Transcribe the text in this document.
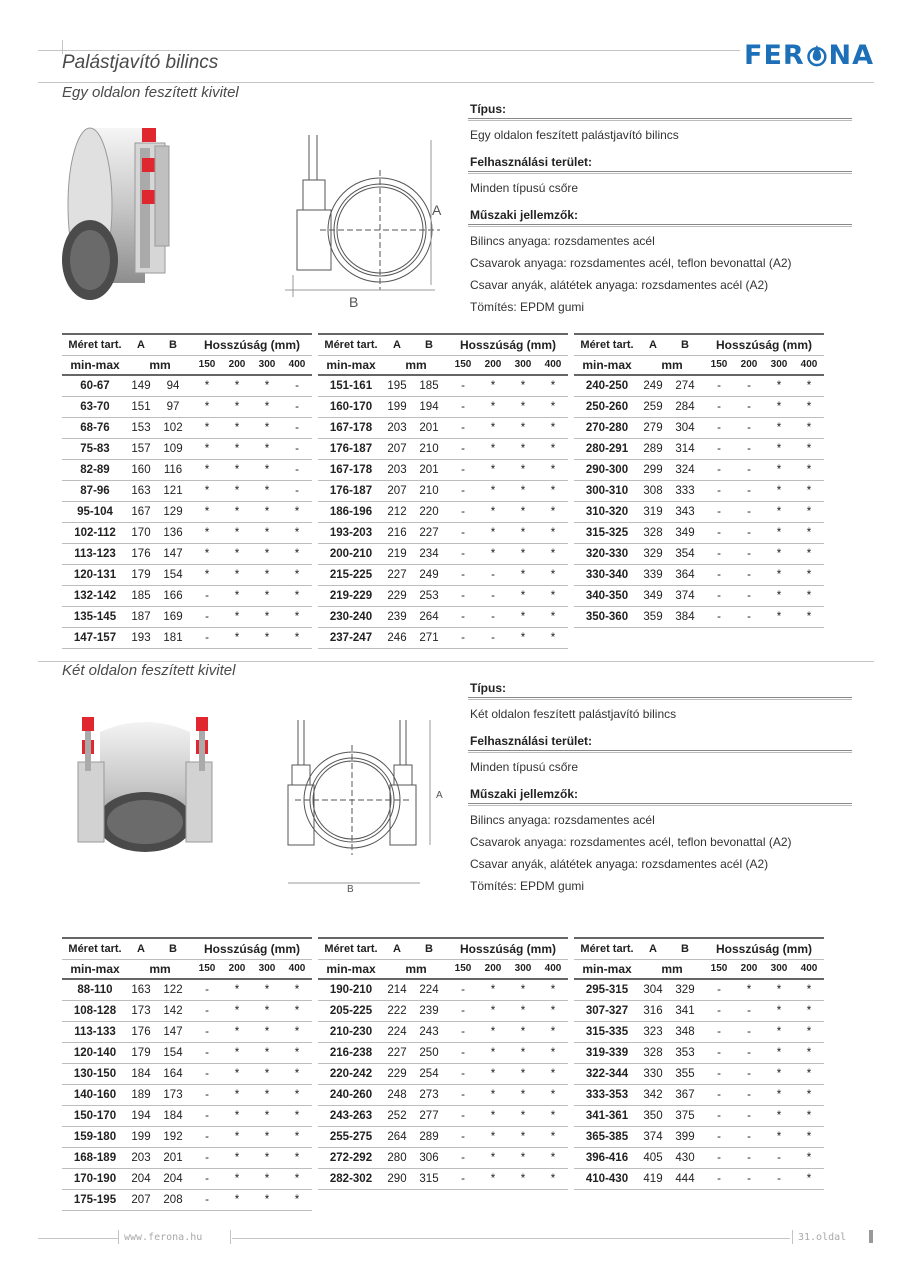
Palástjavító bilincs	FER NA
Egy oldalon feszített kivitel
A
B
Típus:
Egy oldalon feszített palástjavító bilincs
Felhasználási terület:
Minden típusú csőre
Műszaki jellemzők:
Bilincs anyaga: rozsdamentes acél
Csavarok anyaga: rozsdamentes acél, teflon bevonattal (A2)
Csavar anyák, alátétek anyaga: rozsdamentes acél (A2)
Tömítés: EPDM gumi
Méret tart.	A	B	Hosszúság (mm)					Méret tart.	A	B	Hosszúság (mm)					Méret tart.	A	B	Hosszúság (mm)			
min-max	mm		150	200	300	400		min-max	mm		150	200	300	400		min-max	mm		150	200	300	400
60-67	149	94	*	*	*	-		151-161	195	185	-	*	*	*		240-250	249	274	-	-	*	*
63-70	151	97	*	*	*	-		160-170	199	194	-	*	*	*		250-260	259	284	-	-	*	*
68-76	153	102	*	*	*	-		167-178	203	201	-	*	*	*		270-280	279	304	-	-	*	*
75-83	157	109	*	*	*	-		176-187	207	210	-	*	*	*		280-291	289	314	-	-	*	*
82-89	160	116	*	*	*	-		167-178	203	201	-	*	*	*		290-300	299	324	-	-	*	*
87-96	163	121	*	*	*	-		176-187	207	210	-	*	*	*		300-310	308	333	-	-	*	*
95-104	167	129	*	*	*	*		186-196	212	220	-	*	*	*		310-320	319	343	-	-	*	*
102-112	170	136	*	*	*	*		193-203	216	227	-	*	*	*		315-325	328	349	-	-	*	*
113-123	176	147	*	*	*	*		200-210	219	234	-	*	*	*		320-330	329	354	-	-	*	*
120-131	179	154	*	*	*	*		215-225	227	249	-	-	*	*		330-340	339	364	-	-	*	*
132-142	185	166	-	*	*	*		219-229	229	253	-	-	*	*		340-350	349	374	-	-	*	*
135-145	187	169	-	*	*	*		230-240	239	264	-	-	*	*		350-360	359	384	-	-	*	*
147-157	193	181	-	*	*	*		237-247	246	271	-	-	*	*								
Két oldalon feszített kivitel
A
B
Típus:
Két oldalon feszített palástjavító bilincs
Felhasználási terület:
Minden típusú csőre
Műszaki jellemzők:
Bilincs anyaga: rozsdamentes acél
Csavarok anyaga: rozsdamentes acél, teflon bevonattal (A2)
Csavar anyák, alátétek anyaga: rozsdamentes acél (A2)
Tömítés: EPDM gumi
Méret tart.	A	B	Hosszúság (mm)					Méret tart.	A	B	Hosszúság (mm)					Méret tart.	A	B	Hosszúság (mm)			
min-max	mm		150	200	300	400		min-max	mm		150	200	300	400		min-max	mm		150	200	300	400
88-110	163	122	-	*	*	*		190-210	214	224	-	*	*	*		295-315	304	329	-	*	*	*
108-128	173	142	-	*	*	*		205-225	222	239	-	*	*	*		307-327	316	341	-	-	*	*
113-133	176	147	-	*	*	*		210-230	224	243	-	*	*	*		315-335	323	348	-	-	*	*
120-140	179	154	-	*	*	*		216-238	227	250	-	*	*	*		319-339	328	353	-	-	*	*
130-150	184	164	-	*	*	*		220-242	229	254	-	*	*	*		322-344	330	355	-	-	*	*
140-160	189	173	-	*	*	*		240-260	248	273	-	*	*	*		333-353	342	367	-	-	*	*
150-170	194	184	-	*	*	*		243-263	252	277	-	*	*	*		341-361	350	375	-	-	*	*
159-180	199	192	-	*	*	*		255-275	264	289	-	*	*	*		365-385	374	399	-	-	*	*
168-189	203	201	-	*	*	*		272-292	280	306	-	*	*	*		396-416	405	430	-	-	-	*
170-190	204	204	-	*	*	*		282-302	290	315	-	*	*	*		410-430	419	444	-	-	-	*
175-195	207	208	-	*	*	*																
www.ferona.hu	31.oldal
